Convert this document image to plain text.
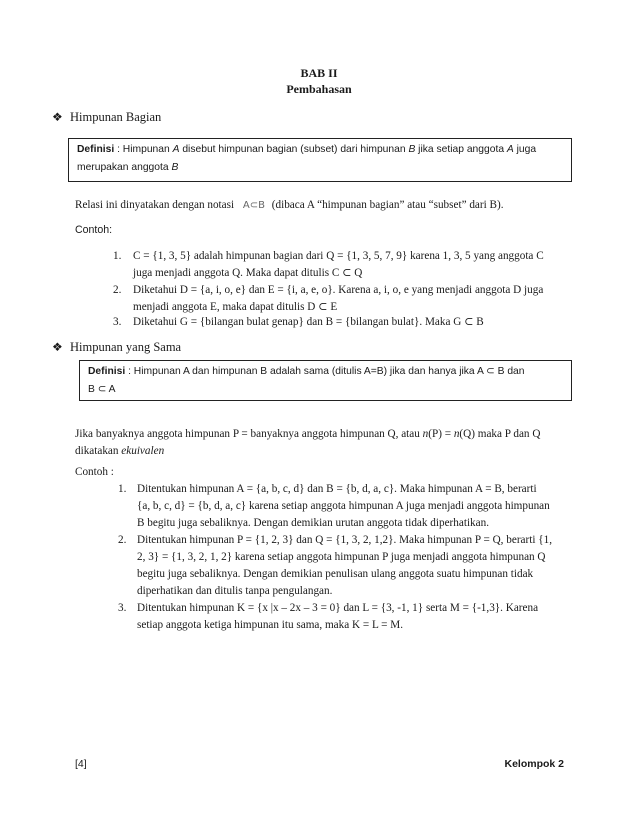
BAB II
Pembahasan
❖ Himpunan Bagian
Definisi : Himpunan A disebut himpunan bagian (subset) dari himpunan B jika setiap anggota A juga
merupakan anggota B
Relasi ini dinyatakan dengan notasi A⊂B (dibaca A “himpunan bagian” atau “subset” dari B).
Contoh:
1. C = {1, 3, 5} adalah himpunan bagian dari Q = {1, 3, 5, 7, 9} karena 1, 3, 5 yang anggota C
juga menjadi anggota Q. Maka dapat ditulis C ⊂ Q
2. Diketahui D = {a, i, o, e} dan E = {i, a, e, o}. Karena a, i, o, e yang menjadi anggota D juga
menjadi anggota E, maka dapat ditulis D ⊂ E
3. Diketahui G = {bilangan bulat genap} dan B = {bilangan bulat}. Maka G ⊂ B
❖ Himpunan yang Sama
Definisi : Himpunan A dan himpunan B adalah sama (ditulis A=B) jika dan hanya jika A ⊂ B dan
B ⊂ A
Jika banyaknya anggota himpunan P = banyaknya anggota himpunan Q, atau n(P) = n(Q) maka P dan Q
dikatakan ekuivalen
Contoh :
1. Ditentukan himpunan A = {a, b, c, d} dan B = {b, d, a, c}. Maka himpunan A = B, berarti
{a, b, c, d} = {b, d, a, c} karena setiap anggota himpunan A juga menjadi anggota himpunan
B begitu juga sebaliknya. Dengan demikian urutan anggota tidak diperhatikan.
2. Ditentukan himpunan P = {1, 2, 3} dan Q = {1, 3, 2, 1,2}. Maka himpunan P = Q, berarti {1,
2, 3} = {1, 3, 2, 1, 2} karena setiap anggota himpunan P juga menjadi anggota himpunan Q
begitu juga sebaliknya. Dengan demikian penulisan ulang anggota suatu himpunan tidak
diperhatikan dan ditulis tanpa pengulangan.
3. Ditentukan himpunan K = {x |x – 2x – 3 = 0} dan L = {3, -1, 1} serta M = {-1,3}. Karena
setiap anggota ketiga himpunan itu sama, maka K = L = M.
[4]	Kelompok 2
